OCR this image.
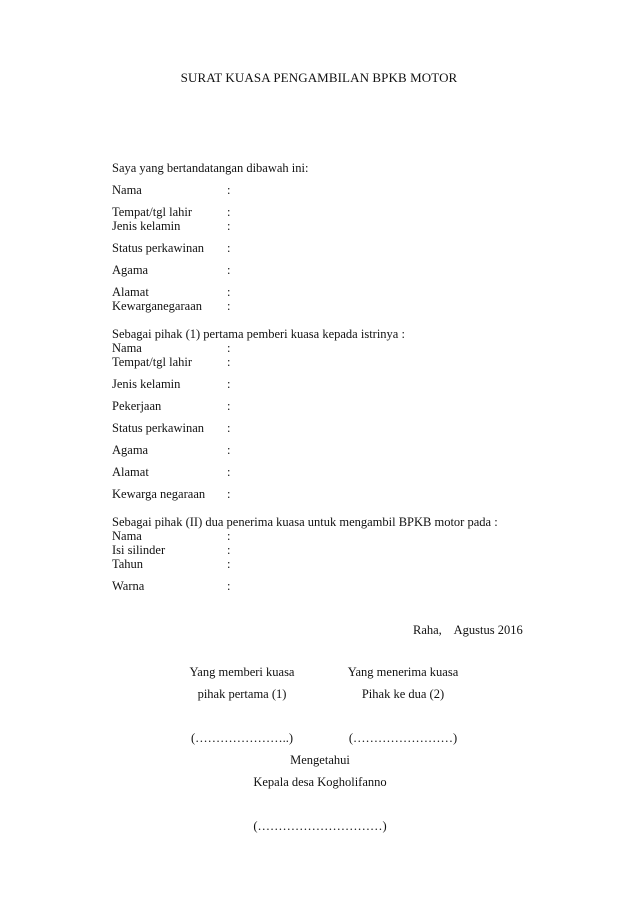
SURAT KUASA PENGAMBILAN BPKB MOTOR
Saya yang bertandatangan dibawah ini:
Nama	:
Tempat/tgl lahir	:
Jenis kelamin	:
Status perkawinan :
Agama	:
Alamat	:
Kewarganegaraan :
Sebagai pihak (1) pertama pemberi kuasa kepada istrinya :
Nama	:
Tempat/tgl lahir	:
Jenis kelamin	:
Pekerjaan	:
Status perkawinan :
Agama	:
Alamat	:
Kewarga negaraan :
Sebagai pihak (II) dua penerima kuasa untuk mengambil BPKB motor pada :
Nama	:
Isi silinder	:
Tahun	:
Warna	:
Raha,    Agustus 2016
Yang memberi kuasa	Yang menerima kuasa
pihak pertama (1)	Pihak ke dua (2)
(…………………..)	(……………………)
Mengetahui
Kepala desa Kogholifanno
(…………………………)
